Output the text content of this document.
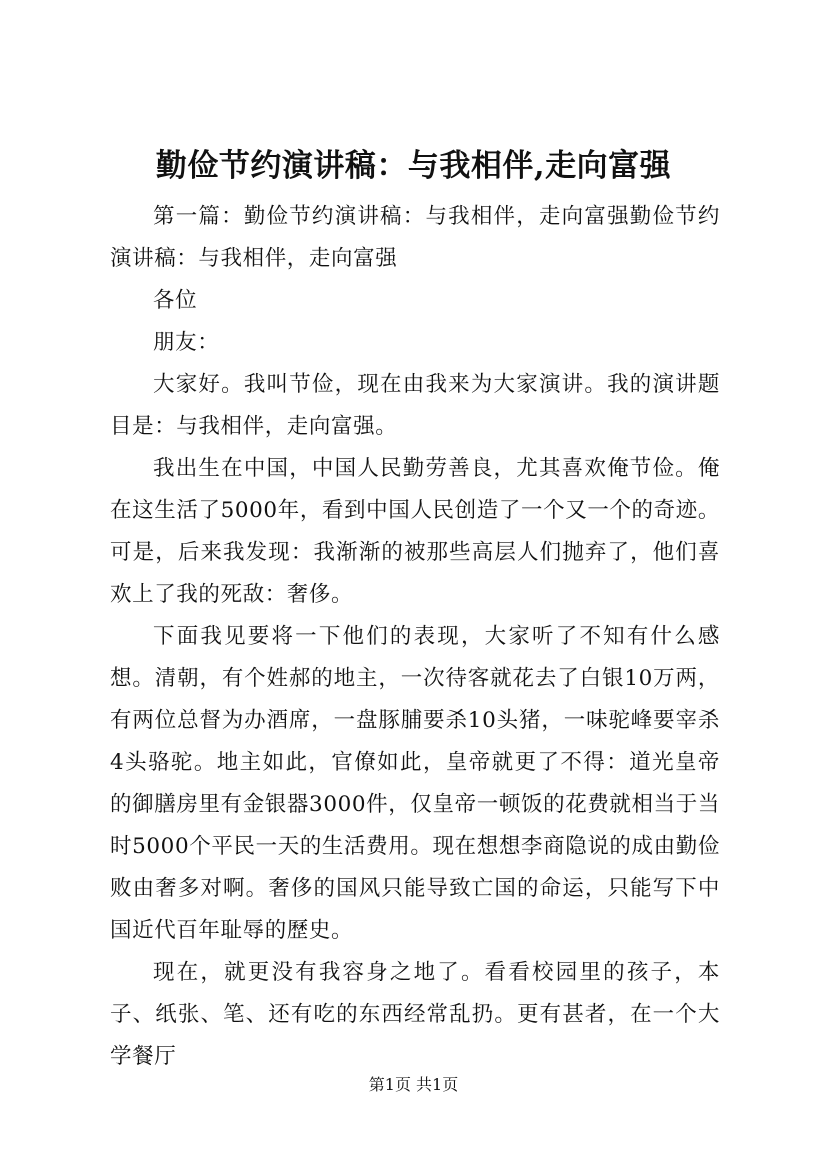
勤俭节约演讲稿：与我相伴,走向富强

第一篇：勤俭节约演讲稿：与我相伴，走向富强勤俭节约演讲稿：与我相伴，走向富强

各位

朋友：

大家好。我叫节俭，现在由我来为大家演讲。我的演讲题目是：与我相伴，走向富强。

我出生在中国，中国人民勤劳善良，尤其喜欢俺节俭。俺在这生活了5000年，看到中国人民创造了一个又一个的奇迹。可是，后来我发现：我渐渐的被那些高层人们抛弃了，他们喜欢上了我的死敌：奢侈。

下面我见要将一下他们的表现，大家听了不知有什么感想。清朝，有个姓郝的地主，一次待客就花去了白银10万两，有两位总督为办酒席，一盘豚脯要杀10头猪，一味驼峰要宰杀4头骆驼。地主如此，官僚如此，皇帝就更了不得：道光皇帝的御膳房里有金银器3000件，仅皇帝一顿饭的花费就相当于当时5000个平民一天的生活费用。现在想想李商隐说的成由勤俭败由奢多对啊。奢侈的国风只能导致亡国的命运，只能写下中国近代百年耻辱的歷史。

现在，就更没有我容身之地了。看看校园里的孩子，本子、纸张、笔、还有吃的东西经常乱扔。更有甚者，在一个大学餐厅

第1页 共1页
